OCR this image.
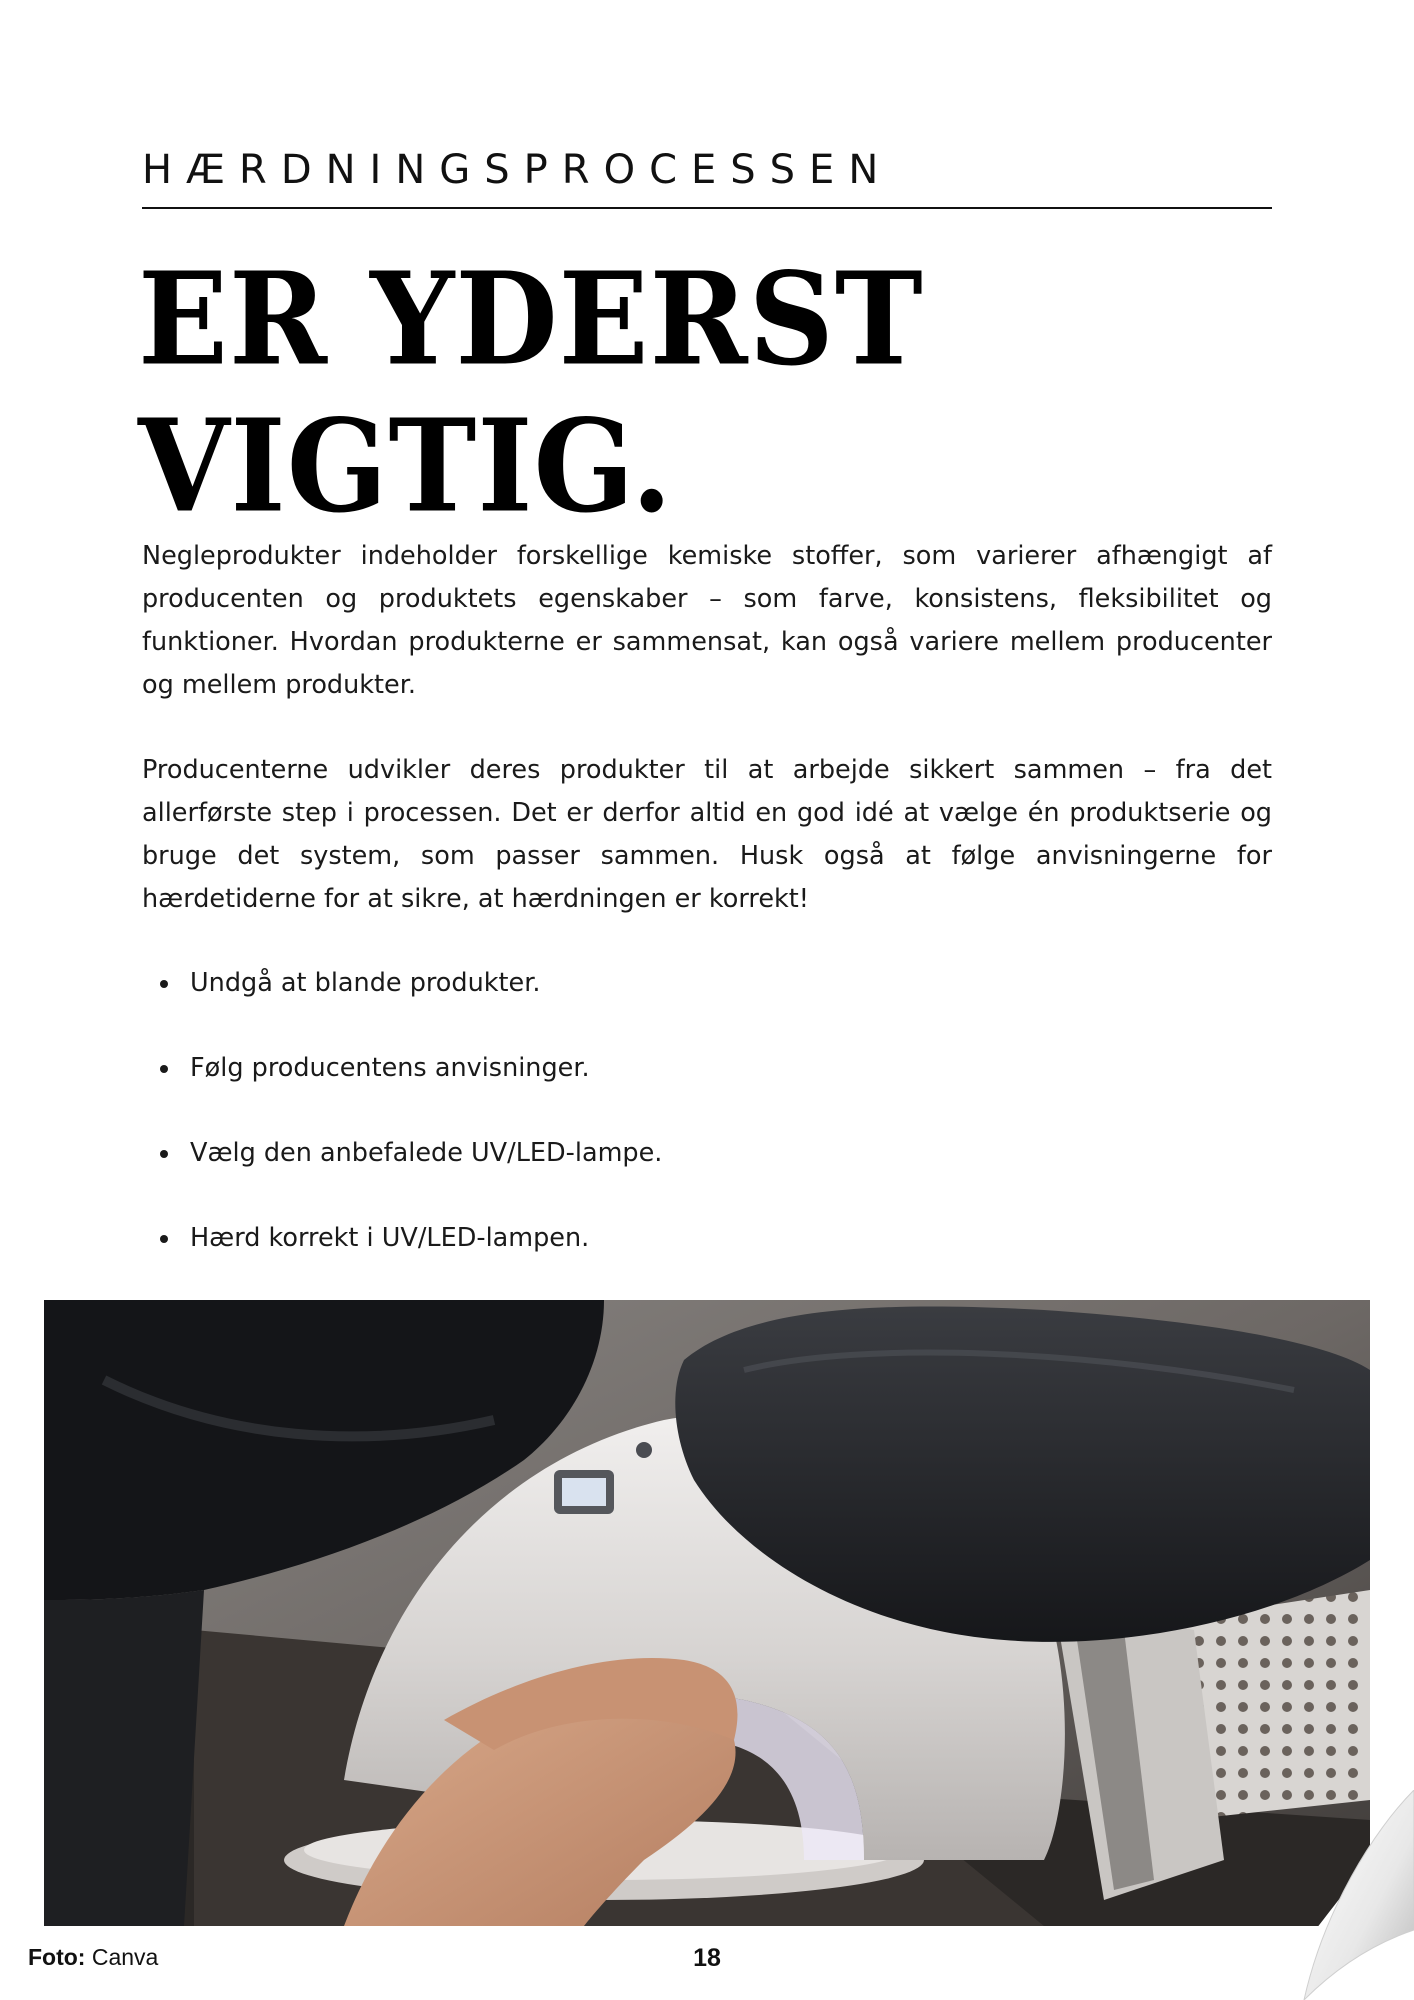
HÆRDNINGSPROCESSEN
ER YDERST
VIGTIG.

Negleprodukter indeholder forskellige kemiske stoffer, som varierer afhængigt af producenten og produktets egenskaber – som farve, konsistens, fleksibilitet og funktioner. Hvordan produkterne er sammensat, kan også variere mellem producenter og mellem produkter.

Producenterne udvikler deres produkter til at arbejde sikkert sammen – fra det allerførste step i processen. Det er derfor altid en god idé at vælge én produktserie og bruge det system, som passer sammen. Husk også at følge anvisningerne for hærdetiderne for at sikre, at hærdningen er korrekt!

Undgå at blande produkter.
Følg producentens anvisninger.
Vælg den anbefalede UV/LED-lampe.
Hærd korrekt i UV/LED-lampen.
Foto: Canva	18
